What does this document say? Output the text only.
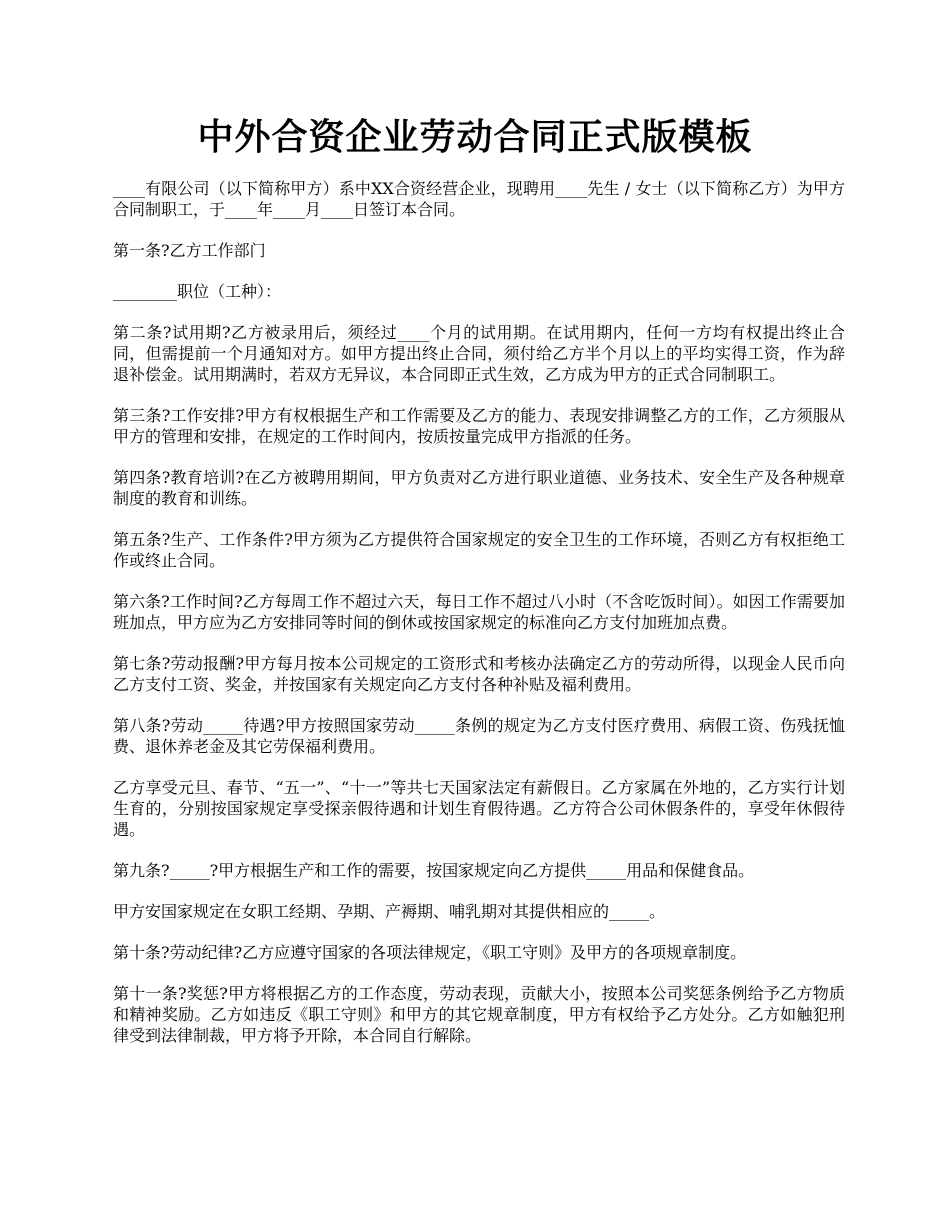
中外合资企业劳动合同正式版模板

____有限公司（以下简称甲方）系中XX合资经营企业，现聘用____先生 / 女士（以下简称乙方）为甲方合同制职工，于____年____月____日签订本合同。

第一条?乙方工作部门

________职位（工种）：

第二条?试用期?乙方被录用后，须经过____个月的试用期。在试用期内，任何一方均有权提出终止合同，但需提前一个月通知对方。如甲方提出终止合同，须付给乙方半个月以上的平均实得工资，作为辞退补偿金。试用期满时，若双方无异议，本合同即正式生效，乙方成为甲方的正式合同制职工。

第三条?工作安排?甲方有权根据生产和工作需要及乙方的能力、表现安排调整乙方的工作，乙方须服从甲方的管理和安排，在规定的工作时间内，按质按量完成甲方指派的任务。

第四条?教育培训?在乙方被聘用期间，甲方负责对乙方进行职业道德、业务技术、安全生产及各种规章制度的教育和训练。

第五条?生产、工作条件?甲方须为乙方提供符合国家规定的安全卫生的工作环境，否则乙方有权拒绝工作或终止合同。

第六条?工作时间?乙方每周工作不超过六天，每日工作不超过八小时（不含吃饭时间）。如因工作需要加班加点，甲方应为乙方安排同等时间的倒休或按国家规定的标准向乙方支付加班加点费。

第七条?劳动报酬?甲方每月按本公司规定的工资形式和考核办法确定乙方的劳动所得，以现金人民币向乙方支付工资、奖金，并按国家有关规定向乙方支付各种补贴及福利费用。

第八条?劳动_____待遇?甲方按照国家劳动_____条例的规定为乙方支付医疗费用、病假工资、伤残抚恤费、退休养老金及其它劳保福利费用。

乙方享受元旦、春节、“五一”、“十一”等共七天国家法定有薪假日。乙方家属在外地的，乙方实行计划生育的，分别按国家规定享受探亲假待遇和计划生育假待遇。乙方符合公司休假条件的，享受年休假待遇。

第九条?_____?甲方根据生产和工作的需要，按国家规定向乙方提供_____用品和保健食品。

甲方安国家规定在女职工经期、孕期、产褥期、哺乳期对其提供相应的_____。

第十条?劳动纪律?乙方应遵守国家的各项法律规定，《职工守则》及甲方的各项规章制度。

第十一条?奖惩?甲方将根据乙方的工作态度，劳动表现，贡献大小，按照本公司奖惩条例给予乙方物质和精神奖励。乙方如违反《职工守则》和甲方的其它规章制度，甲方有权给予乙方处分。乙方如触犯刑律受到法律制裁，甲方将予开除，本合同自行解除。
